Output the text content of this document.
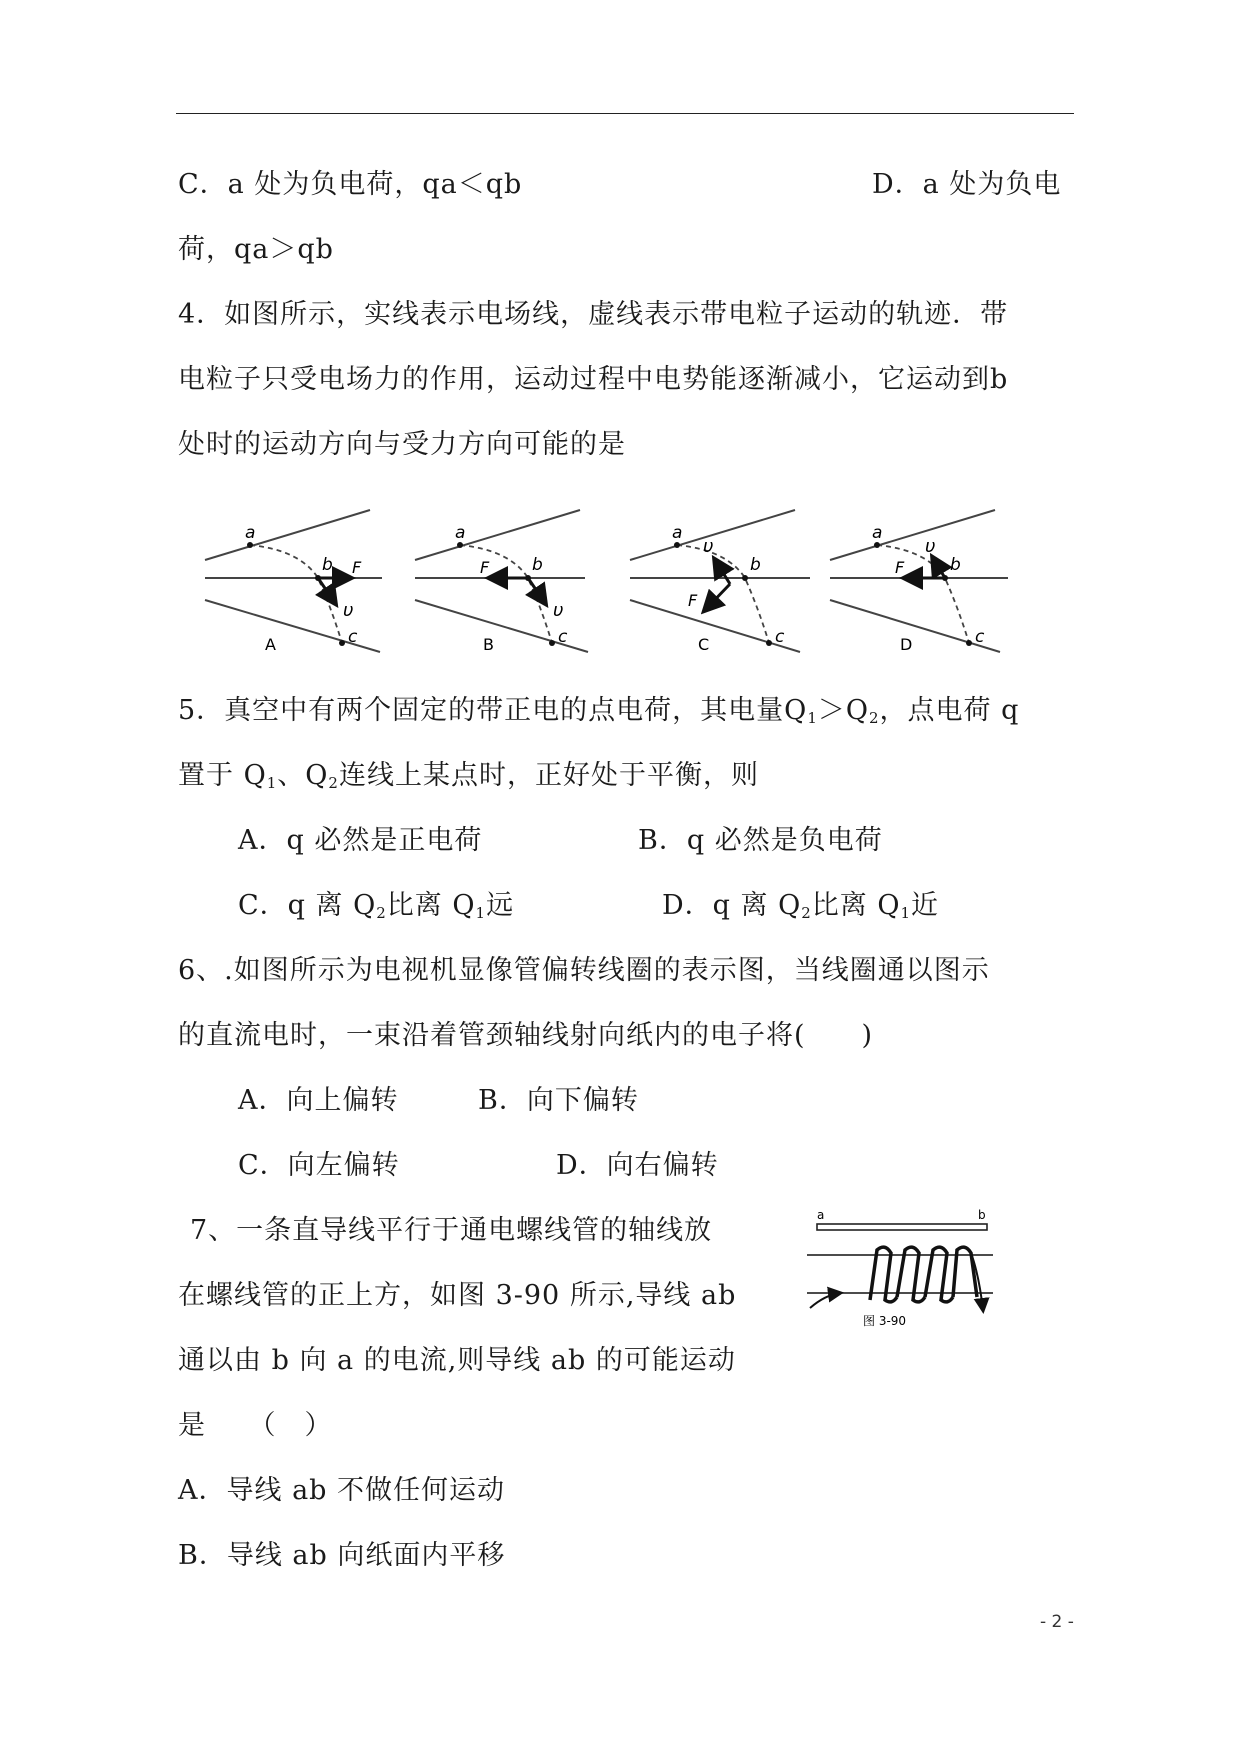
C．a 处为负电荷，qa＜qb	D．a 处为负电
荷，qa＞qb
4．如图所示，实线表示电场线，虚线表示带电粒子运动的轨迹．带
电粒子只受电场力的作用，运动过程中电势能逐渐减小，它运动到b
处时的运动方向与受力方向可能的是
a
b
c
F
υ
A
a
b
c
F
υ
B
a
b
c
υ
F
C
a
b
c
F
υ
D
5．真空中有两个固定的带正电的点电荷，其电量$Q_1>Q_2$，点电荷 q
置于 $Q_1$、$Q_2$连线上某点时，正好处于平衡，则
A．q 必然是正电荷	B．q 必然是负电荷
C．q 离 $Q_2$比离 $Q_1$远	D．q 离 $Q_2$比离 $Q_1$近
6、.如图所示为电视机显像管偏转线圈的表示图，当线圈通以图示
的直流电时，一束沿着管颈轴线射向纸内的电子将(　　)
A．向上偏转	B．向下偏转
C．向左偏转	D．向右偏转
7、一条直导线平行于通电螺线管的轴线放
在螺线管的正上方，如图 3-90 所示,导线 ab
通以由 b 向 a 的电流,则导线 ab 的可能运动
是　　（　）
A．导线 ab 不做任何运动
B．导线 ab 向纸面内平移
a	b
图 3-90
- 2 -
